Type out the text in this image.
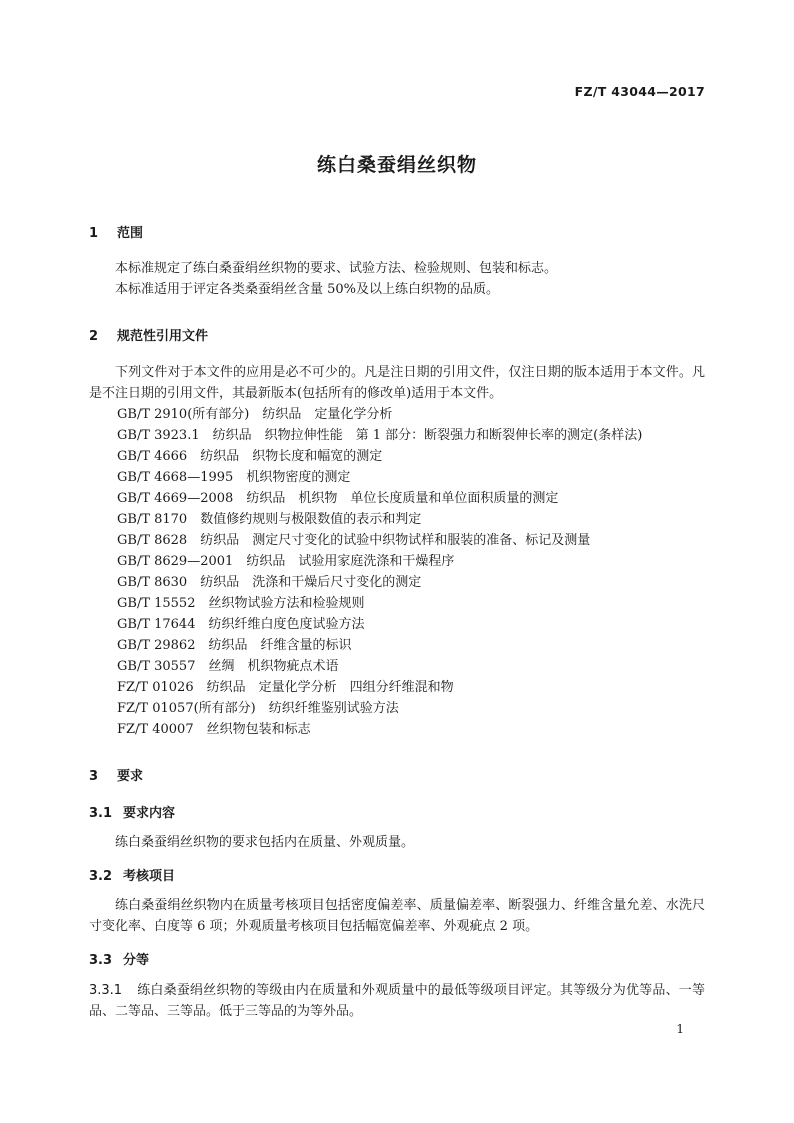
FZ/T 43044—2017
练白桑蚕绢丝织物
1 范围
本标准规定了练白桑蚕绢丝织物的要求、试验方法、检验规则、包装和标志。
本标准适用于评定各类桑蚕绢丝含量 50%及以上练白织物的品质。
2 规范性引用文件
下列文件对于本文件的应用是必不可少的。凡是注日期的引用文件，仅注日期的版本适用于本文件。凡是不注日期的引用文件，其最新版本(包括所有的修改单)适用于本文件。
GB/T 2910(所有部分)　 纺织品　定量化学分析
GB/T 3923.1　 纺织品　织物拉伸性能　第 1 部分：断裂强力和断裂伸长率的测定(条样法)
GB/T 4666　 纺织品　织物长度和幅宽的测定
GB/T 4668—1995　 机织物密度的测定
GB/T 4669—2008　 纺织品　机织物　单位长度质量和单位面积质量的测定
GB/T 8170　 数值修约规则与极限数值的表示和判定
GB/T 8628　 纺织品　测定尺寸变化的试验中织物试样和服装的准备、标记及测量
GB/T 8629—2001　 纺织品　试验用家庭洗涤和干燥程序
GB/T 8630　 纺织品　洗涤和干燥后尺寸变化的测定
GB/T 15552　 丝织物试验方法和检验规则
GB/T 17644　 纺织纤维白度色度试验方法
GB/T 29862　 纺织品　纤维含量的标识
GB/T 30557　 丝绸　机织物疵点术语
FZ/T 01026　 纺织品　定量化学分析　四组分纤维混和物
FZ/T 01057(所有部分)　 纺织纤维鉴别试验方法
FZ/T 40007　 丝织物包装和标志
3 要求
3.1 要求内容
练白桑蚕绢丝织物的要求包括内在质量、外观质量。
3.2 考核项目
练白桑蚕绢丝织物内在质量考核项目包括密度偏差率、质量偏差率、断裂强力、纤维含量允差、水洗尺寸变化率、白度等 6 项；外观质量考核项目包括幅宽偏差率、外观疵点 2 项。
3.3 分等
3.3.1 练白桑蚕绢丝织物的等级由内在质量和外观质量中的最低等级项目评定。其等级分为优等品、一等品、二等品、三等品。低于三等品的为等外品。
1
